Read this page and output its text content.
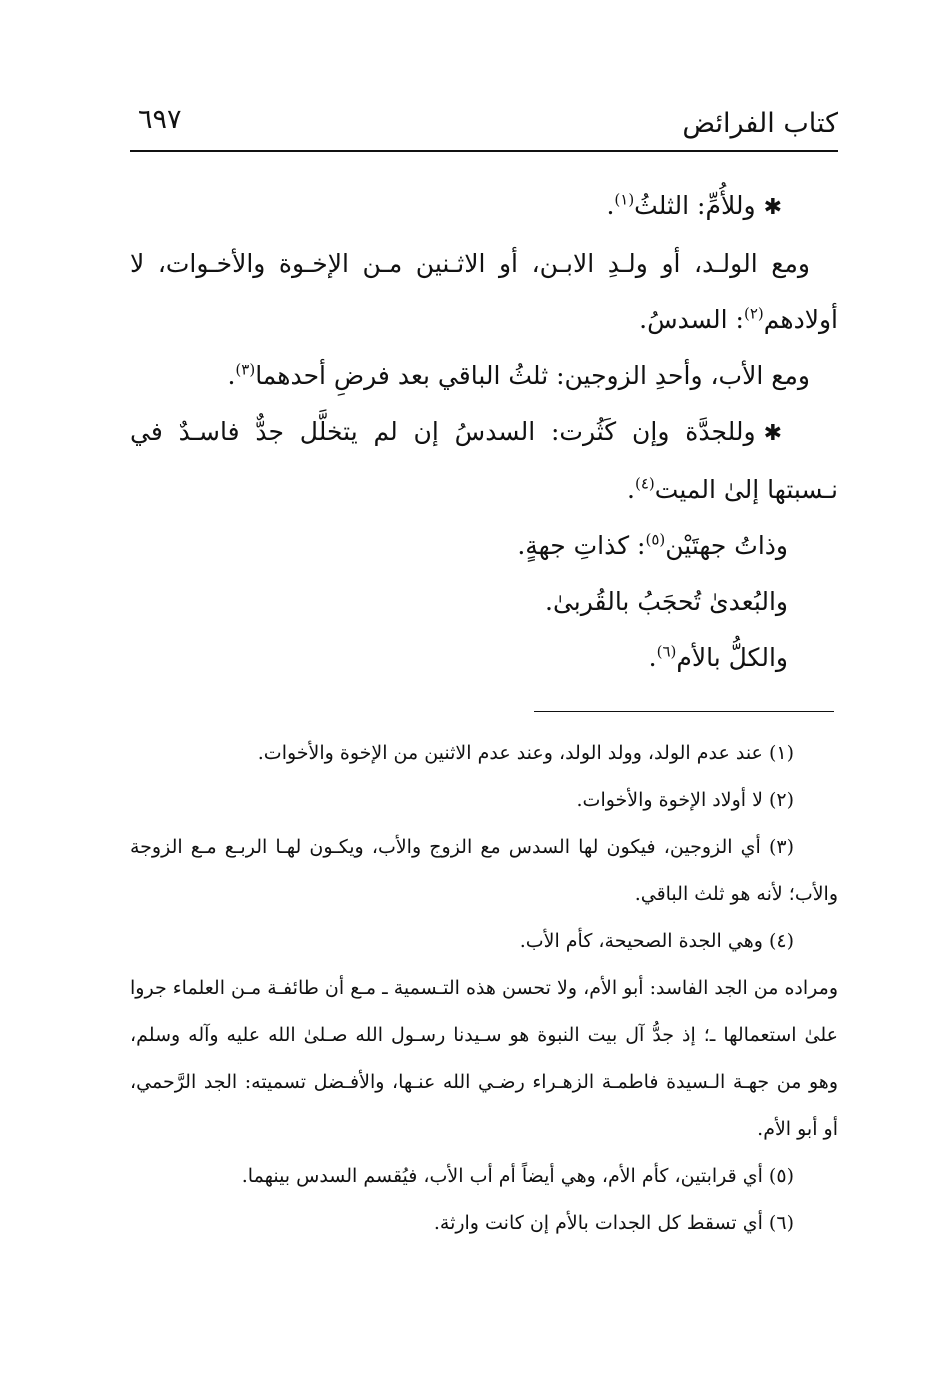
كتاب الفرائض
٦٩٧

✱وللأُمِّ: الثلثُ$^{(١)}$.

ومع الولـد، أو ولـدِ الابـن، أو الاثـنين مـن الإخـوة والأخـوات، لا أولادهم$^{(٢)}$: السدسُ.

ومع الأب، وأحدِ الزوجين: ثلثُ الباقي بعد فرضِ أحدهما$^{(٣)}$.

✱وللجدَّة وإن كَثُرت: السدسُ إن لم يتخلَّل جدٌّ فاسـدٌ في نـسبتها إلىٰ الميت$^{(٤)}$.

وذاتُ جهتَيْن$^{(٥)}$: كذاتِ جهةٍ.

والبُعدىٰ تُحجَبُ بالقُربىٰ.

والكلُّ بالأم$^{(٦)}$.

(١) عند عدم الولد، وولد الولد، وعند عدم الاثنين من الإخوة والأخوات.

(٢) لا أولاد الإخوة والأخوات.

(٣) أي الزوجين، فيكون لها السدس مع الزوج والأب، ويكـون لهـا الربـع مـع الزوجة والأب؛ لأنه هو ثلث الباقي.

(٤) وهي الجدة الصحيحة، كأم الأب.

ومراده من الجد الفاسد: أبو الأم، ولا تحسن هذه التـسمية ـ مـع أن طائفـة مـن العلماء جروا علىٰ استعمالها ـ؛ إذ جدُّ آل بيت النبوة هو سـيدنا رسـول الله صـلىٰ الله عليه وآله وسلم، وهو من جهـة الـسيدة فاطمـة الزهـراء رضـي الله عنـها، والأفـضل تسميته: الجد الرَّحمي، أو أبو الأم.

(٥) أي قرابتين، كأم الأم، وهي أيضاً أم أب الأب، فيُقسم السدس بينهما.

(٦) أي تسقط كل الجدات بالأم إن كانت وارثة.
